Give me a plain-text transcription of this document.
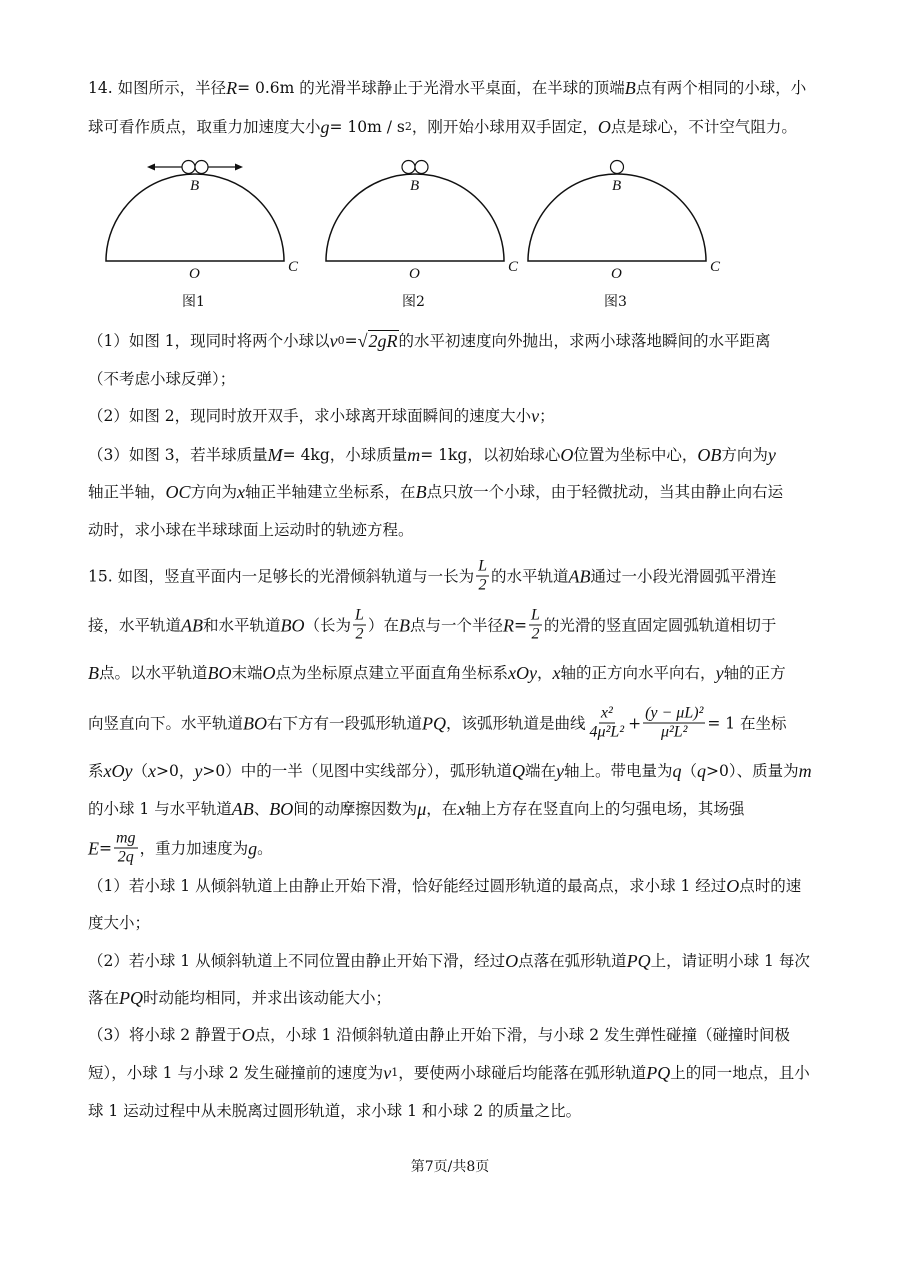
B
O	C
图1
B
O	C
图2
B
O	C
图3
14. 如图所示，半径 R = 0.6m 的光滑半球静止于光滑水平桌面，在半球的顶端 B 点有两个相同的小球，小
球可看作质点，取重力加速度大小 g = 10m / s 2 ，刚开始小球用双手固定， O 点是球心，不计空气阻力。
（1）如图 1，现同时将两个小球以 v 0 = √2gR 的水平初速度向外抛出，求两小球落地瞬间的水平距离
（不考虑小球反弹）；
（2）如图 2，现同时放开双手，求小球离开球面瞬间的速度大小 v ；
（3）如图 3，若半球质量 M = 4kg，小球质量 m = 1kg，以初始球心 O 位置为坐标中心， OB 方向为 y
轴正半轴， OC 方向为 x 轴正半轴建立坐标系，在 B 点只放一个小球，由于轻微扰动，当其由静止向右运
动时，求小球在半球球面上运动时的轨迹方程。
15. 如图，竖直平面内一足够长的光滑倾斜轨道与一长为 $\frac{L}{2}$ 的水平轨道 AB 通过一小段光滑圆弧平滑连
接，水平轨道 AB 和水平轨道 BO （长为 $\frac{L}{2}$ ）在 B 点与一个半径 $R = \frac{L}{2}$ 的光滑的竖直固定圆弧轨道相切于
B 点。以水平轨道 BO 末端 O 点为坐标原点建立平面直角坐标系 xOy ， x 轴的正方向水平向右， y 轴的正方
向竖直向下。水平轨道 BO 右下方有一段弧形轨道 PQ ，该弧形轨道是曲线 $\frac{\text{x²}}{\text{4μ²L²}} + \frac{\text{(y − μL)²}}{\text{μ²L²}} = 1$ 在坐标
系 xOy （ x >0， y >0）中的一半（见图中实线部分），弧形轨道 Q 端在 y 轴上。带电量为 q （ q >0）、质量为 m
的小球 1 与水平轨道 AB 、 BO 间的动摩擦因数为 μ ，在 x 轴上方存在竖直向上的匀强电场，其场强
$E = \frac{mg}{2q}$ ，重力加速度为 g 。
（1）若小球 1 从倾斜轨道上由静止开始下滑，恰好能经过圆形轨道的最高点，求小球 1 经过 O 点时的速
度大小；
（2）若小球 1 从倾斜轨道上不同位置由静止开始下滑，经过 O 点落在弧形轨道 PQ 上，请证明小球 1 每次
落在 PQ 时动能均相同，并求出该动能大小；
（3）将小球 2 静置于 O 点，小球 1 沿倾斜轨道由静止开始下滑，与小球 2 发生弹性碰撞（碰撞时间极
短），小球 1 与小球 2 发生碰撞前的速度为 v 1 ，要使两小球碰后均能落在弧形轨道 PQ 上的同一地点，且小
球 1 运动过程中从未脱离过圆形轨道，求小球 1 和小球 2 的质量之比。
第7页/共8页
